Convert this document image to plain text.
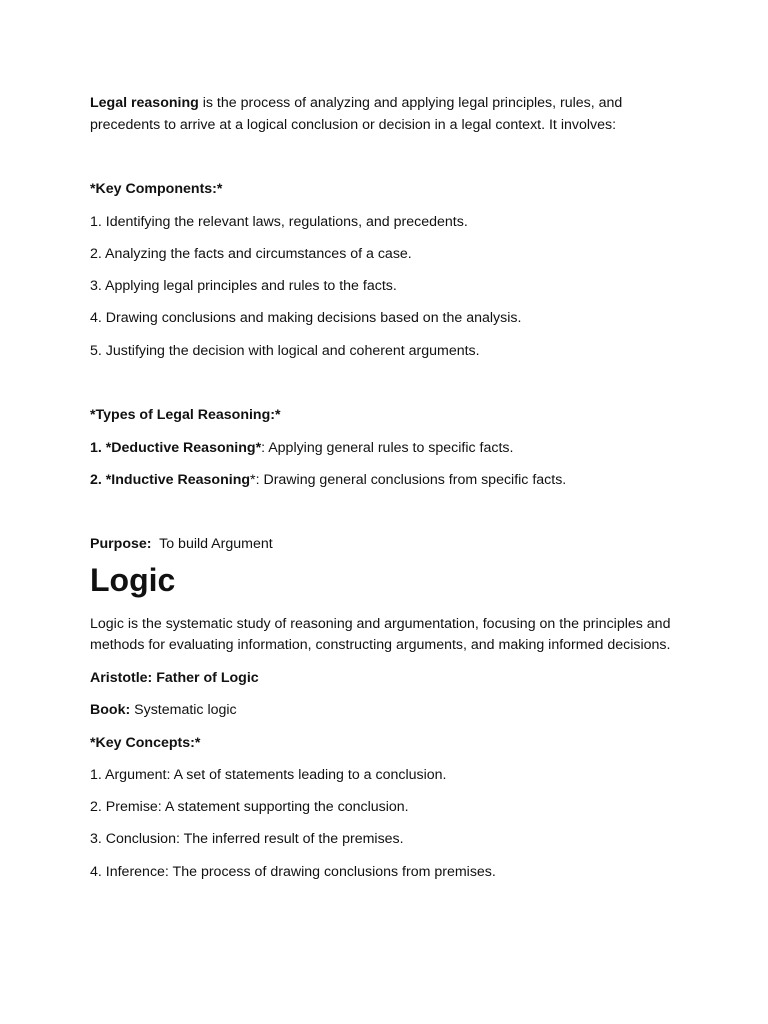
Legal reasoning is the process of analyzing and applying legal principles, rules, and precedents to arrive at a logical conclusion or decision in a legal context. It involves:

*Key Components:*

1. Identifying the relevant laws, regulations, and precedents.

2. Analyzing the facts and circumstances of a case.

3. Applying legal principles and rules to the facts.

4. Drawing conclusions and making decisions based on the analysis.

5. Justifying the decision with logical and coherent arguments.

*Types of Legal Reasoning:*

1. *Deductive Reasoning*: Applying general rules to specific facts.

2. *Inductive Reasoning*: Drawing general conclusions from specific facts.

Purpose:  To build Argument

Logic

Logic is the systematic study of reasoning and argumentation, focusing on the principles and methods for evaluating information, constructing arguments, and making informed decisions.

Aristotle: Father of Logic

Book: Systematic logic

*Key Concepts:*

1. Argument: A set of statements leading to a conclusion.

2. Premise: A statement supporting the conclusion.

3. Conclusion: The inferred result of the premises.

4. Inference: The process of drawing conclusions from premises.
